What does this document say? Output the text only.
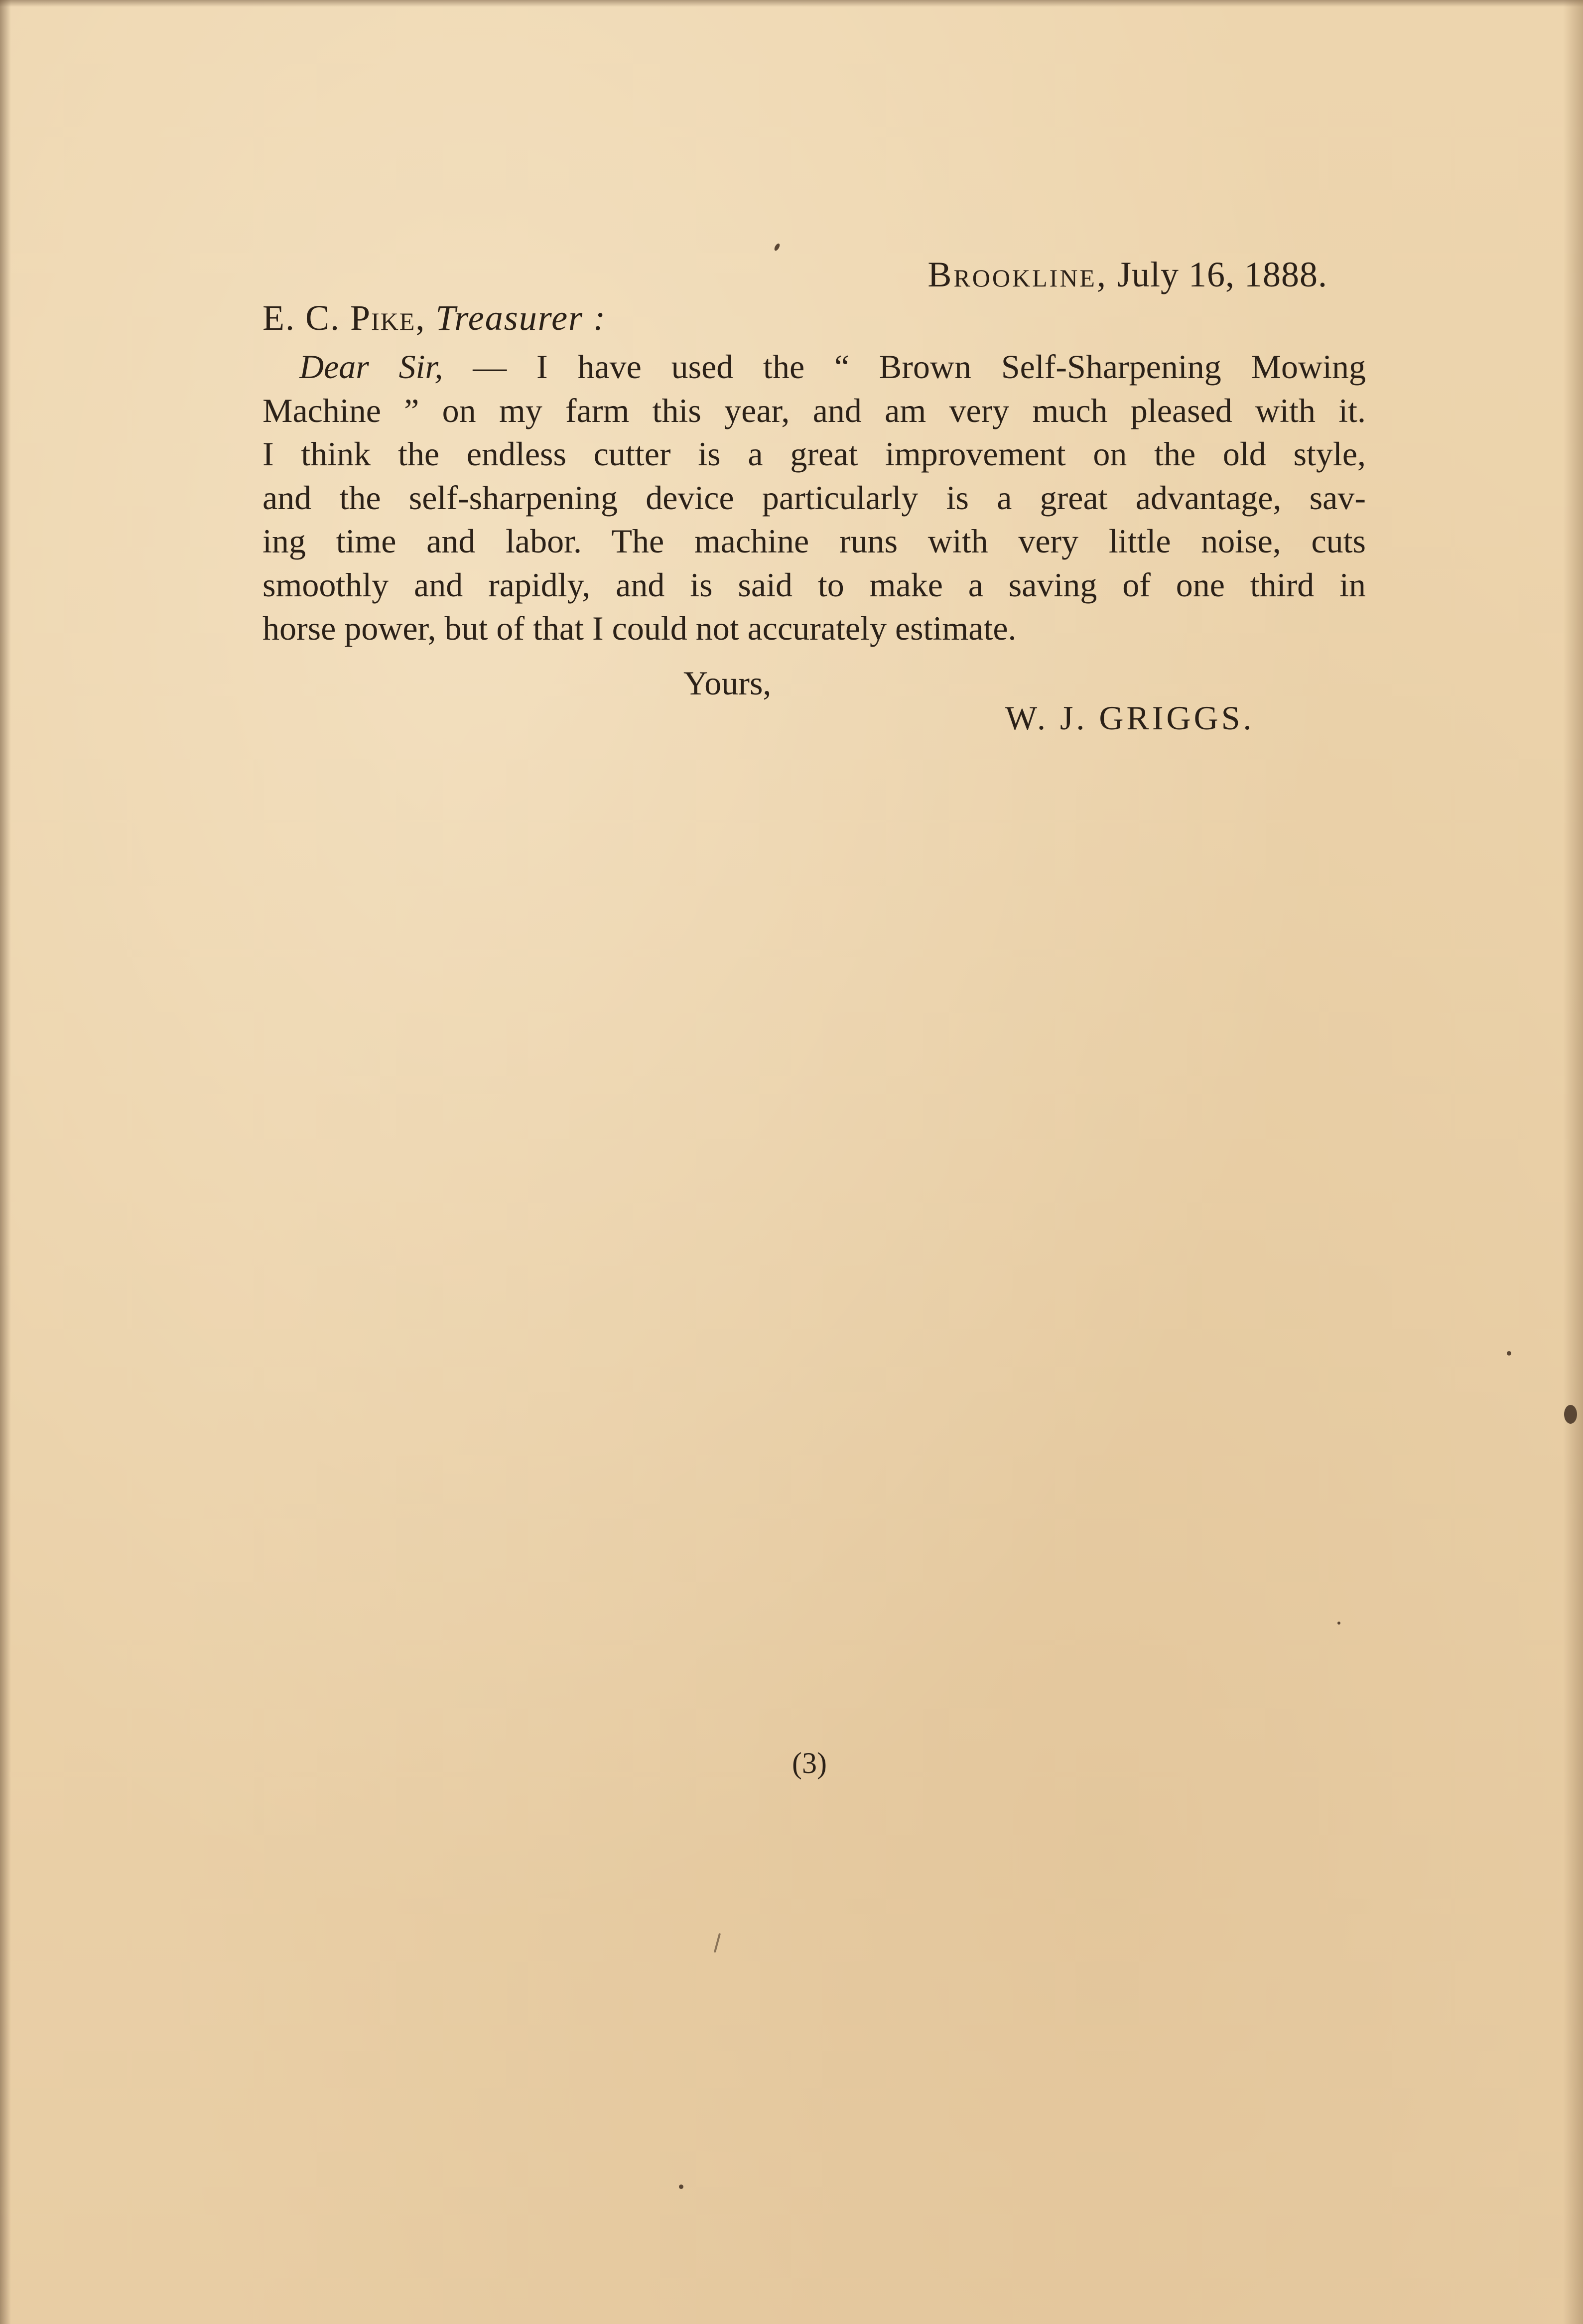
Brookline, July 16, 1888.
E. C. Pike, Treasurer :
Dear Sir, — I have used the “ Brown Self-Sharpening Mowing
Machine ” on my farm this year, and am very much pleased with it.
I think the endless cutter is a great improvement on the old style,
and the self-sharpening device particularly is a great advantage, sav-
ing time and labor. The machine runs with very little noise, cuts
smoothly and rapidly, and is said to make a saving of one third in
horse power, but of that I could not accurately estimate.
Yours,
W. J. GRIGGS.
(3)
